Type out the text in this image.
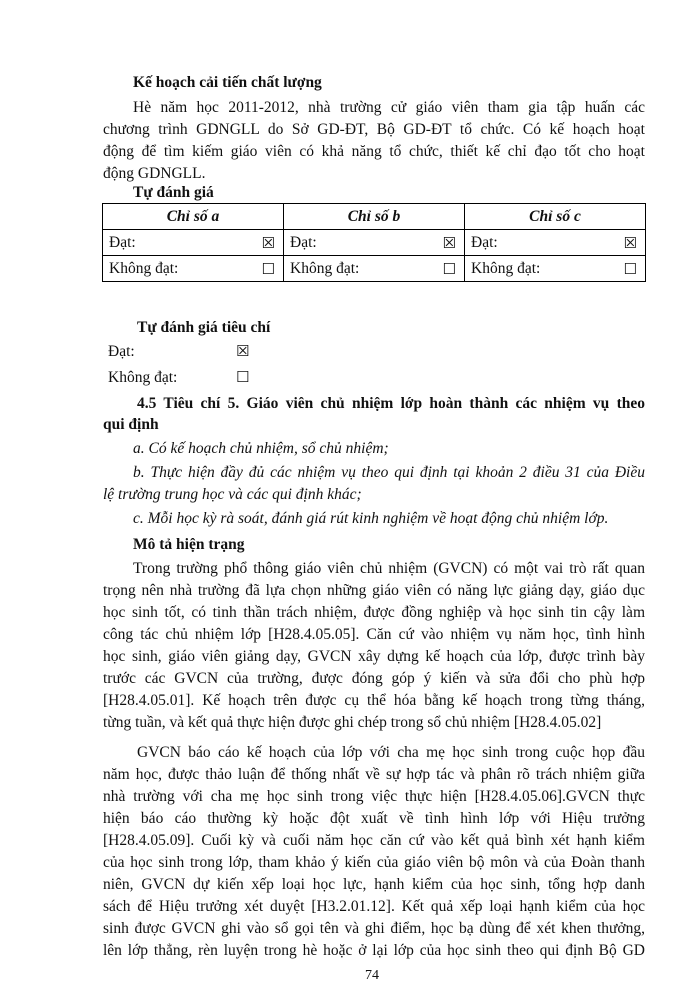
Kế hoạch cải tiến chất lượng
Hè năm học 2011-2012, nhà trường cử giáo viên tham gia tập huấn các
chương trình GDNGLL do Sở GD-ĐT, Bộ GD-ĐT tổ chức. Có kế hoạch hoạt
động để tìm kiếm giáo viên có khả năng tổ chức, thiết kế chỉ đạo tốt cho hoạt
động GDNGLL.
Tự đánh giá
Chỉ số a	Chỉ số b	Chỉ số c
Đạt: ☒	Đạt: ☒	Đạt: ☒

Không đạt: ☐	Không đạt: ☐	Không đạt: ☐
Tự đánh giá tiêu chí
Đạt:	☒
Không đạt:	☐
4.5 Tiêu chí 5. Giáo viên chủ nhiệm lớp hoàn thành các nhiệm vụ theo
qui định
a. Có kế hoạch chủ nhiệm, sổ chủ nhiệm;
b. Thực hiện đầy đủ các nhiệm vụ theo qui định tại khoản 2 điều 31 của Điều
lệ trường trung học và các qui định khác;
c. Mỗi học kỳ rà soát, đánh giá rút kinh nghiệm về hoạt động chủ nhiệm lớp.
Mô tả hiện trạng
Trong trường phổ thông giáo viên chủ nhiệm (GVCN) có một vai trò rất quan
trọng nên nhà trường đã lựa chọn những giáo viên có năng lực giảng dạy, giáo dục
học sinh tốt, có tinh thần trách nhiệm, được đồng nghiệp và học sinh tin cậy làm
công tác chủ nhiệm lớp [H28.4.05.05]. Căn cứ vào nhiệm vụ năm học, tình hình
học sinh, giáo viên giảng dạy, GVCN xây dựng kế hoạch của lớp, được trình bày
trước các GVCN của trường, được đóng góp ý kiến và sửa đổi cho phù hợp
[H28.4.05.01]. Kế hoạch trên được cụ thể hóa bằng kế hoạch trong từng tháng,
từng tuần, và kết quả thực hiện được ghi chép trong sổ chủ nhiệm [H28.4.05.02]
GVCN báo cáo kế hoạch của lớp với cha mẹ học sinh trong cuộc họp đầu
năm học, được thảo luận để thống nhất về sự hợp tác và phân rõ trách nhiệm giữa
nhà trường với cha mẹ học sinh trong việc thực hiện [H28.4.05.06].GVCN thực
hiện báo cáo thường kỳ hoặc đột xuất về tình hình lớp với Hiệu trưởng
[H28.4.05.09]. Cuối kỳ và cuối năm học căn cứ vào kết quả bình xét hạnh kiểm
của học sinh trong lớp, tham khảo ý kiến của giáo viên bộ môn và của Đoàn thanh
niên, GVCN dự kiến xếp loại học lực, hạnh kiểm của học sinh, tổng hợp danh
sách để Hiệu trưởng xét duyệt [H3.2.01.12]. Kết quả xếp loại hạnh kiểm của học
sinh được GVCN ghi vào sổ gọi tên và ghi điểm, học bạ dùng để xét khen thưởng,
lên lớp thẳng, rèn luyện trong hè hoặc ở lại lớp của học sinh theo qui định Bộ GD
74
